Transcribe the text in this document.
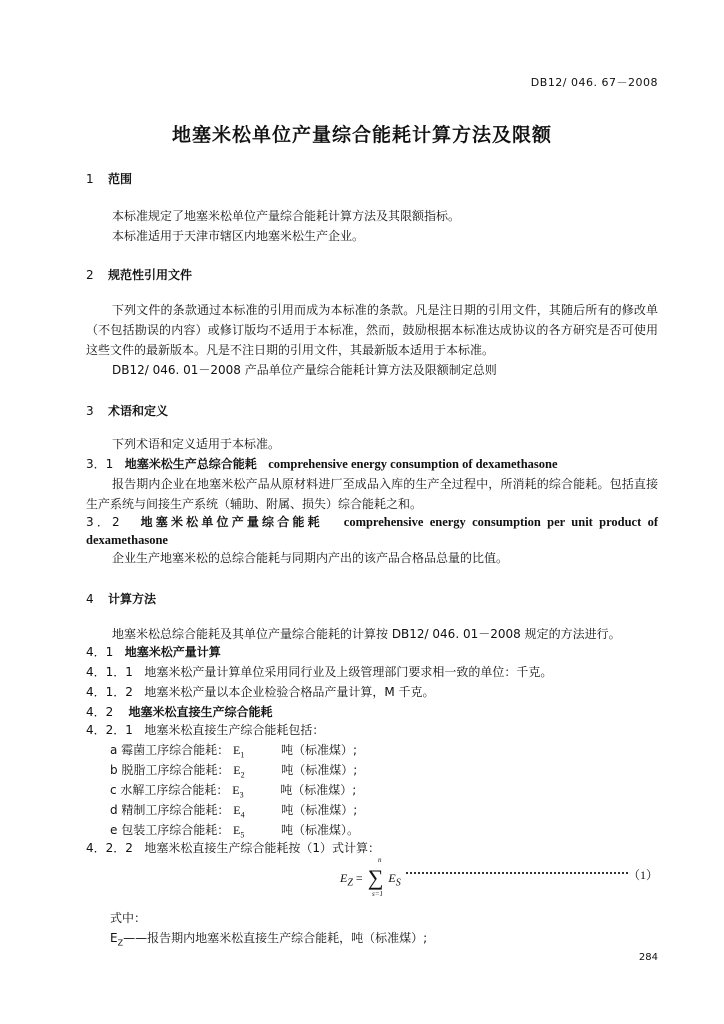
DB12/ 046. 67－2008
地塞米松单位产量综合能耗计算方法及限额
1 范围
本标准规定了地塞米松单位产量综合能耗计算方法及其限额指标。
本标准适用于天津市辖区内地塞米松生产企业。
2 规范性引用文件
下列文件的条款通过本标准的引用而成为本标准的条款。凡是注日期的引用文件，其随后所有的修改单（不包括勘误的内容）或修订版均不适用于本标准，然而，鼓励根据本标准达成协议的各方研究是否可使用这些文件的最新版本。凡是不注日期的引用文件，其最新版本适用于本标准。
DB12/ 046. 01－2008 产品单位产量综合能耗计算方法及限额制定总则
3 术语和定义
下列术语和定义适用于本标准。
3．1 地塞米松生产总综合能耗 comprehensive energy consumption of dexamethasone
报告期内企业在地塞米松产品从原材料进厂至成品入库的生产全过程中，所消耗的综合能耗。包括直接生产系统与间接生产系统（辅助、附属、损失）综合能耗之和。
3．2 地塞米松单位产量综合能耗 comprehensive energy consumption per unit product of
dexamethasone
企业生产地塞米松的总综合能耗与同期内产出的该产品合格品总量的比值。
4 计算方法
地塞米松总综合能耗及其单位产量综合能耗的计算按 DB12/ 046. 01－2008 规定的方法进行。
4．1 地塞米松产量计算
4．1．1 地塞米松产量计算单位采用同行业及上级管理部门要求相一致的单位：千克。
4．1．2 地塞米松产量以本企业检验合格品产量计算，M 千克。
4．2 地塞米松直接生产综合能耗
4．2．1 地塞米松直接生产综合能耗包括：
a 霉菌工序综合能耗： $E_1$	吨（标准煤）;
b 脱脂工序综合能耗： $E_2$	吨（标准煤）;
c 水解工序综合能耗： $E_3$	吨（标准煤）;
d 精制工序综合能耗： $E_4$	吨（标准煤）;
e 包装工序综合能耗： $E_5$	吨（标准煤）。
4．2．2 地塞米松直接生产综合能耗按（1）式计算：
$E_Z$ = ∑
n
s=1
$E_S$
（1）
式中：
$E_Z——$报告期内地塞米松直接生产综合能耗，吨（标准煤）;
284
